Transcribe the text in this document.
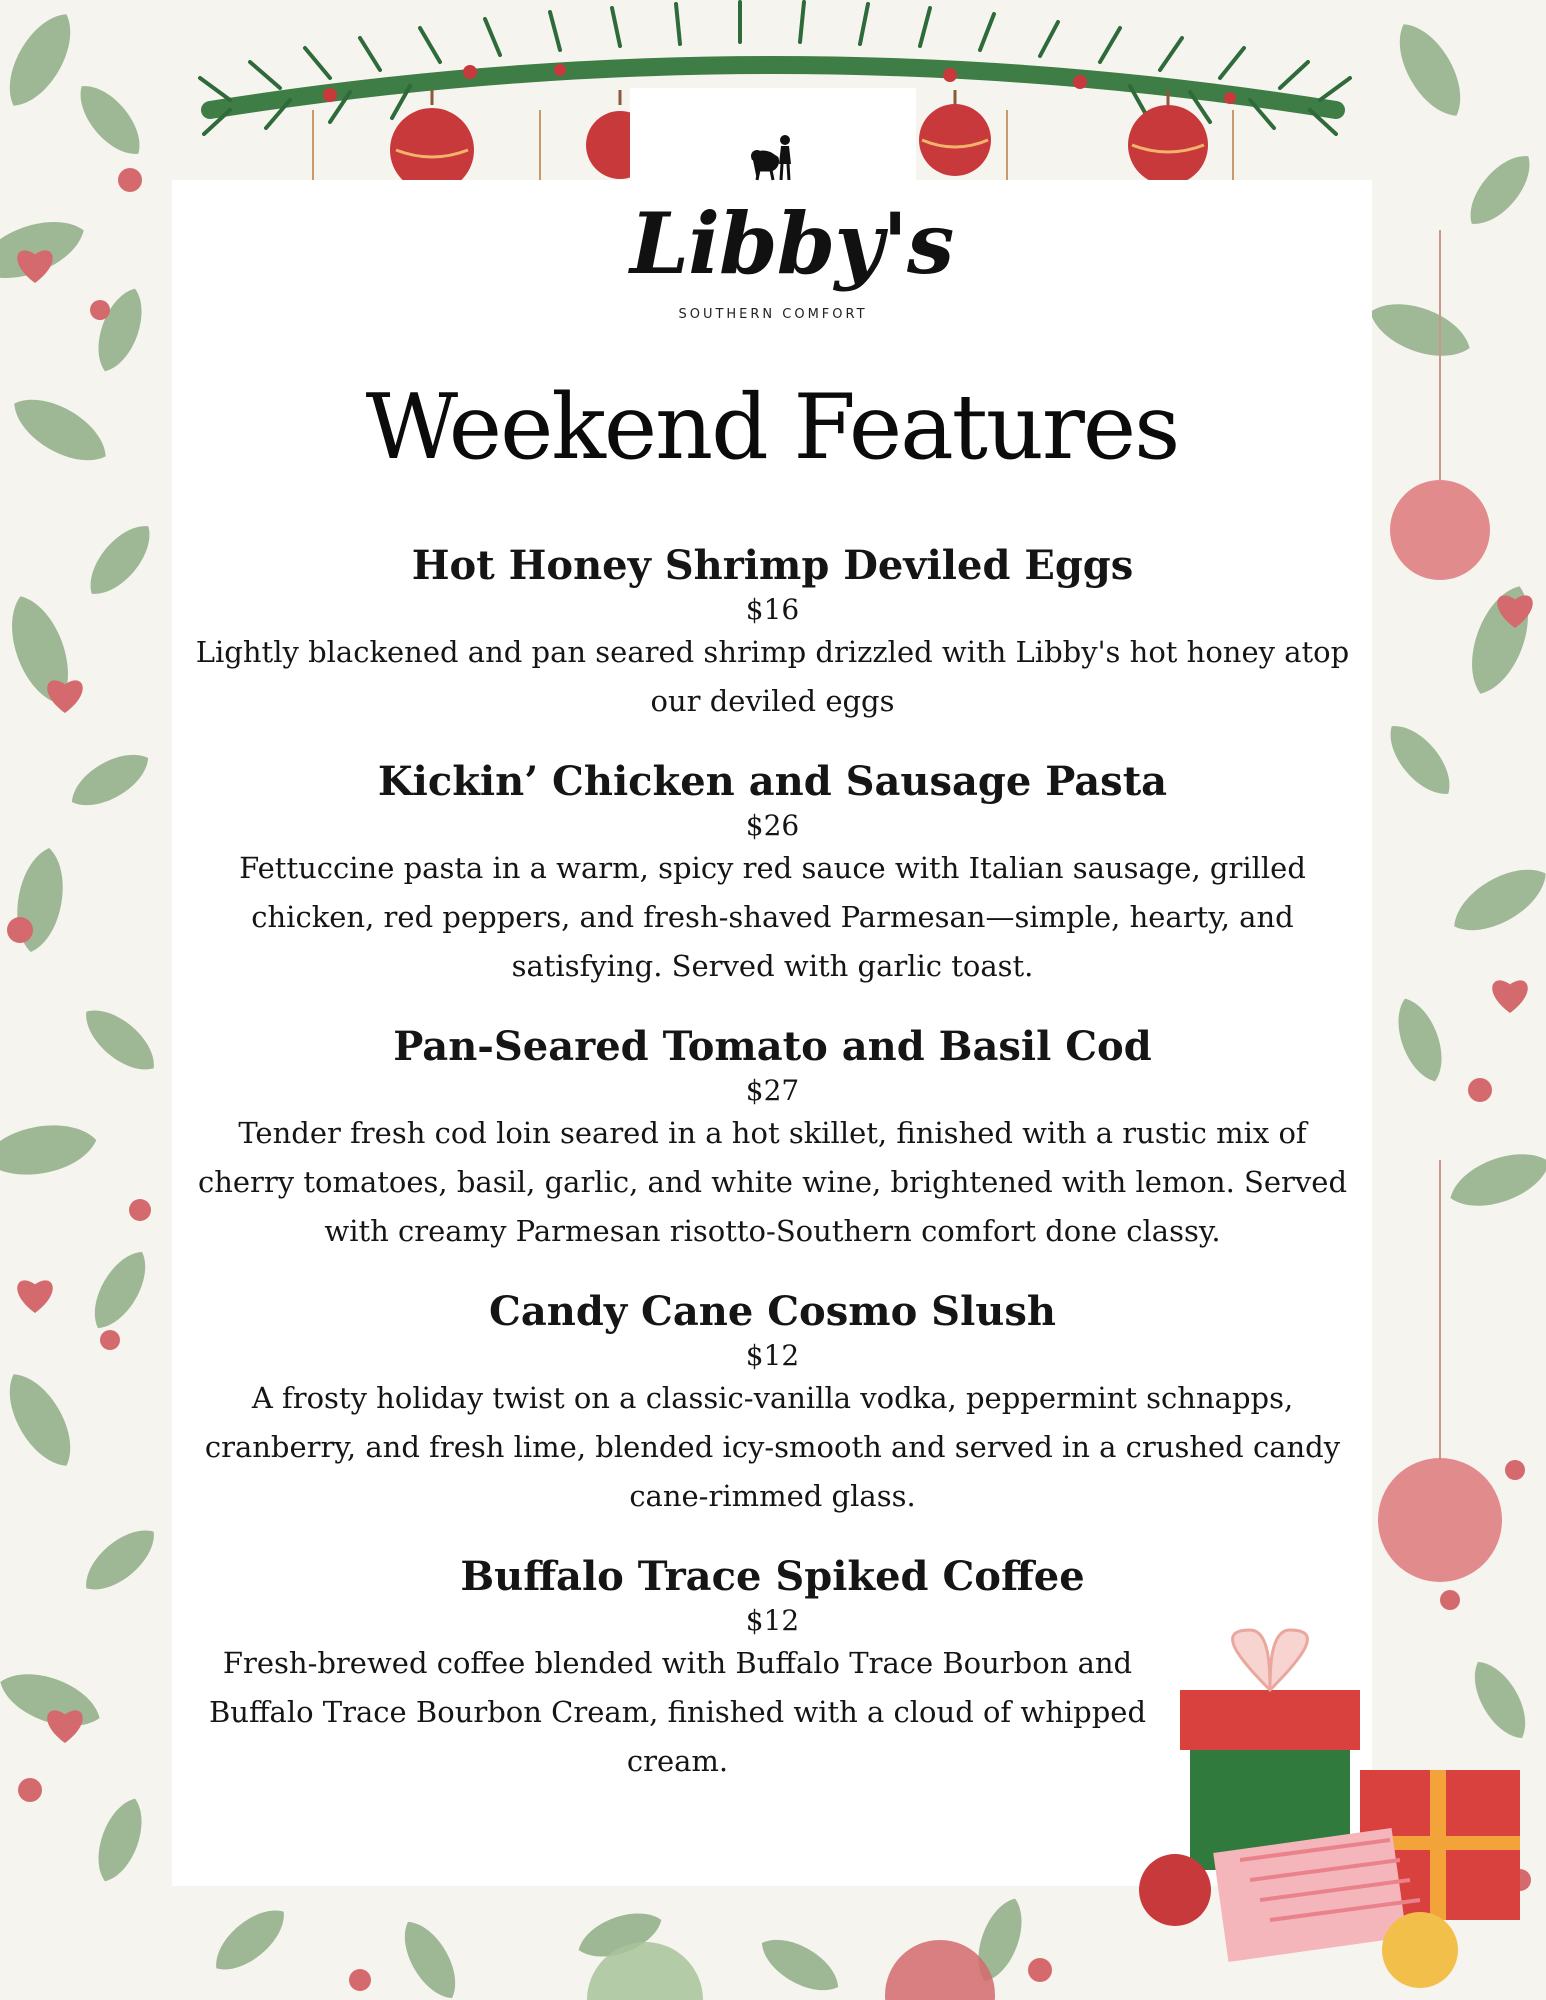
Libby's
SOUTHERN COMFORT
Weekend Features
Hot Honey Shrimp Deviled Eggs
$16
Lightly blackened and pan seared shrimp drizzled with Libby's hot honey atop our deviled eggs
Kickin’ Chicken and Sausage Pasta
$26
Fettuccine pasta in a warm, spicy red sauce with Italian sausage, grilled chicken, red peppers, and fresh-shaved Parmesan—simple, hearty, and satisfying. Served with garlic toast.
Pan-Seared Tomato and Basil Cod
$27
Tender fresh cod loin seared in a hot skillet, finished with a rustic mix of cherry tomatoes, basil, garlic, and white wine, brightened with lemon. Served with creamy Parmesan risotto-Southern comfort done classy.
Candy Cane Cosmo Slush
$12
A frosty holiday twist on a classic-vanilla vodka, peppermint schnapps, cranberry, and fresh lime, blended icy-smooth and served in a crushed candy cane-rimmed glass.
Buffalo Trace Spiked Coffee
$12
Fresh-brewed coffee blended with Buffalo Trace Bourbon and Buffalo Trace Bourbon Cream, finished with a cloud of whipped cream.
